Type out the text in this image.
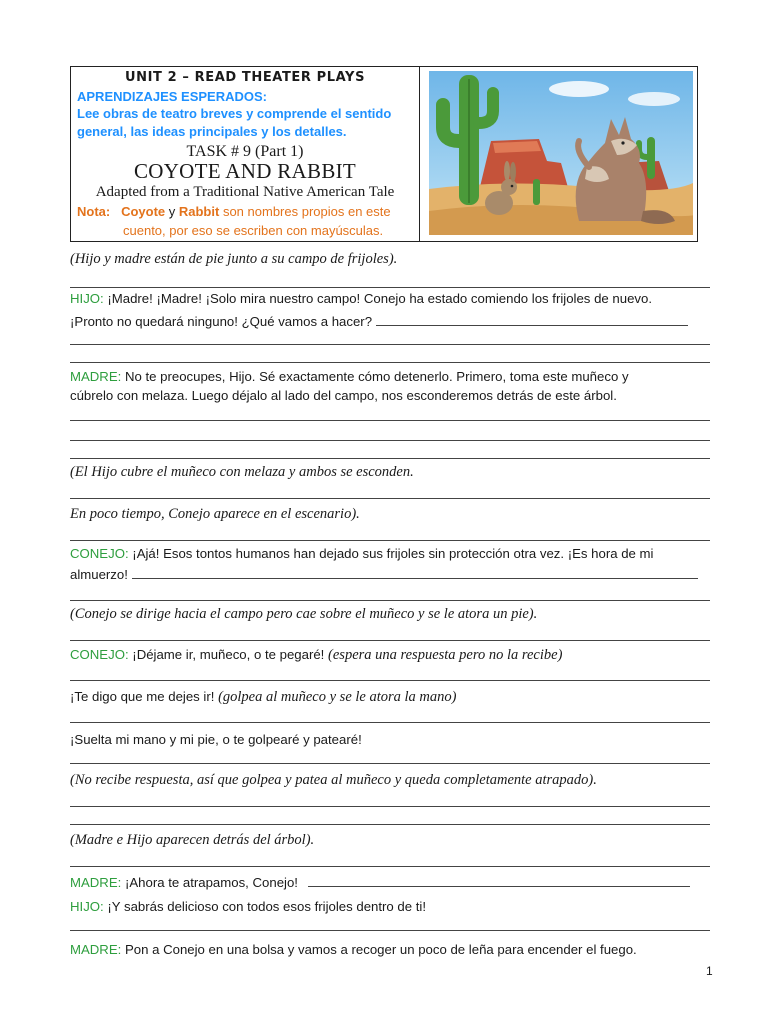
UNIT 2 – READ THEATER PLAYS
APRENDIZAJES ESPERADOS:
Lee obras de teatro breves y comprende el sentido general, las ideas principales y los detalles.
TASK # 9 (Part 1)
COYOTE AND RABBIT
Adapted from a Traditional Native American Tale
Nota: Coyote y Rabbit son nombres propios en este
cuento, por eso se escriben con mayúsculas.
(Hijo y madre están de pie junto a su campo de frijoles).
HIJO: ¡Madre! ¡Madre! ¡Solo mira nuestro campo! Conejo ha estado comiendo los frijoles de nuevo.
¡Pronto no quedará ninguno! ¿Qué vamos a hacer?
MADRE: No te preocupes, Hijo. Sé exactamente cómo detenerlo. Primero, toma este muñeco y
cúbrelo con melaza. Luego déjalo al lado del campo, nos esconderemos detrás de este árbol.
(El Hijo cubre el muñeco con melaza y ambos se esconden.
En poco tiempo, Conejo aparece en el escenario).
CONEJO: ¡Ajá! Esos tontos humanos han dejado sus frijoles sin protección otra vez. ¡Es hora de mi
almuerzo!
(Conejo se dirige hacia el campo pero cae sobre el muñeco y se le atora un pie).
CONEJO: ¡Déjame ir, muñeco, o te pegaré! (espera una respuesta pero no la recibe)
¡Te digo que me dejes ir! (golpea al muñeco y se le atora la mano)
¡Suelta mi mano y mi pie, o te golpearé y patearé!
(No recibe respuesta, así que golpea y patea al muñeco y queda completamente atrapado).
(Madre e Hijo aparecen detrás del árbol).
MADRE: ¡Ahora te atrapamos, Conejo!
HIJO: ¡Y sabrás delicioso con todos esos frijoles dentro de ti!
MADRE: Pon a Conejo en una bolsa y vamos a recoger un poco de leña para encender el fuego.
1
